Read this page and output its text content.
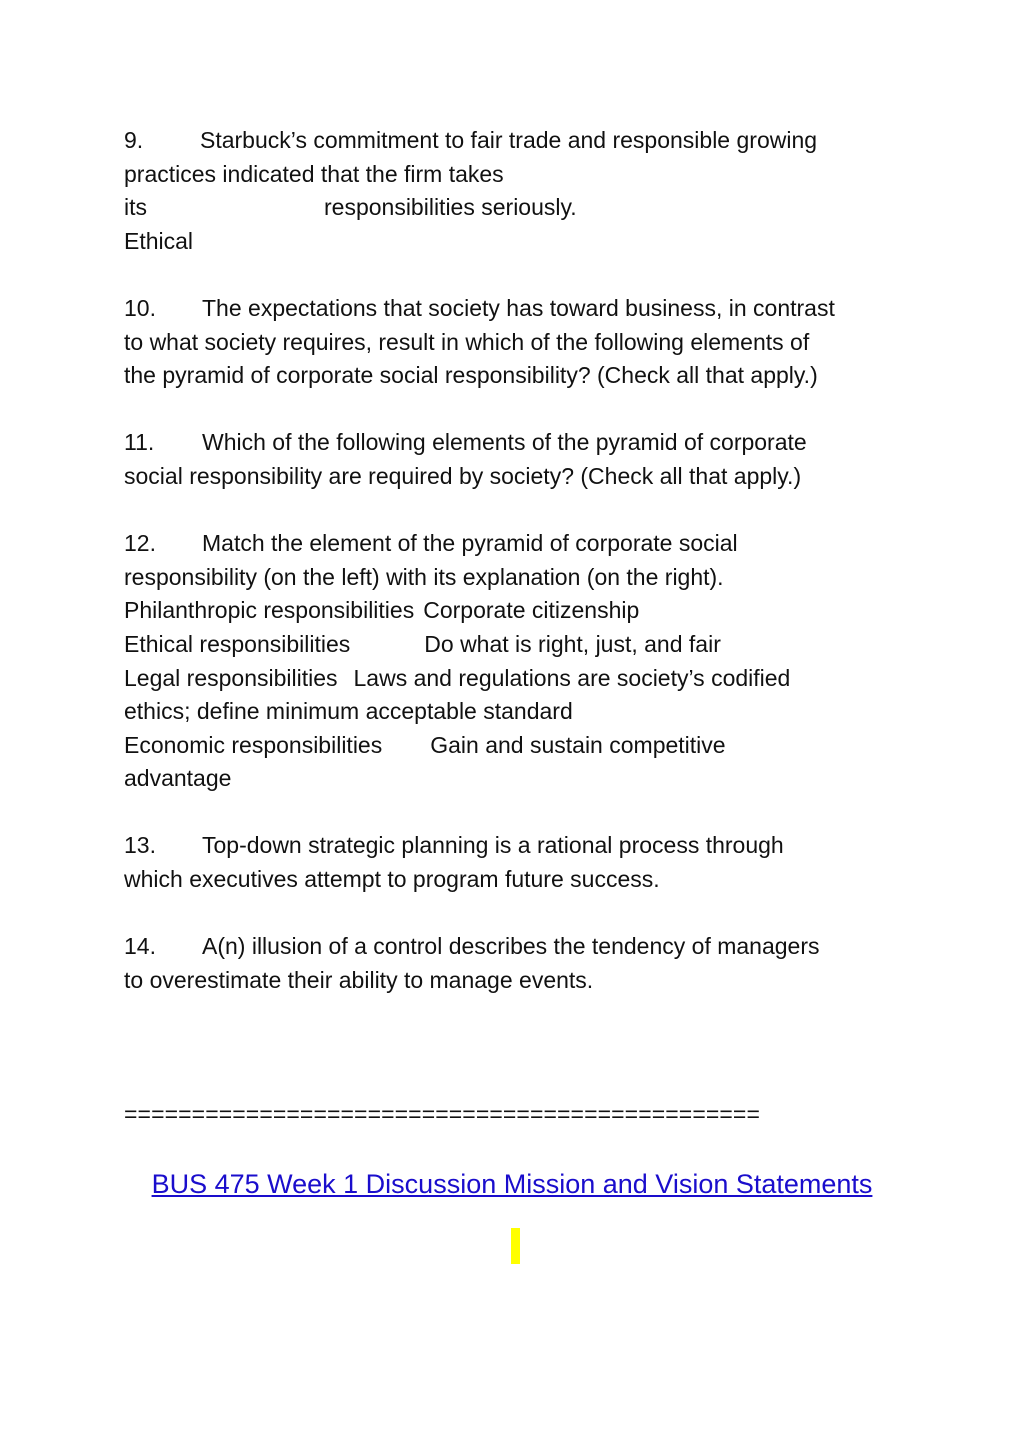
9. Starbuck’s commitment to fair trade and responsible growing
practices indicated that the firm takes
its	responsibilities seriously.
Ethical
10. The expectations that society has toward business, in contrast
to what society requires, result in which of the following elements of
the pyramid of corporate social responsibility? (Check all that apply.)
11. Which of the following elements of the pyramid of corporate
social responsibility are required by society? (Check all that apply.)
12. Match the element of the pyramid of corporate social
responsibility (on the left) with its explanation (on the right).
Philanthropic responsibilities Corporate citizenship
Ethical responsibilities	Do what is right, just, and fair
Legal responsibilities Laws and regulations are society’s codified
ethics; define minimum acceptable standard
Economic responsibilities Gain and sustain competitive
advantage
13. Top-down strategic planning is a rational process through
which executives attempt to program future success.
14. A(n) illusion of a control describes the tendency of managers
to overestimate their ability to manage events.
===============================================
BUS 475 Week 1 Discussion Mission and Vision Statements
